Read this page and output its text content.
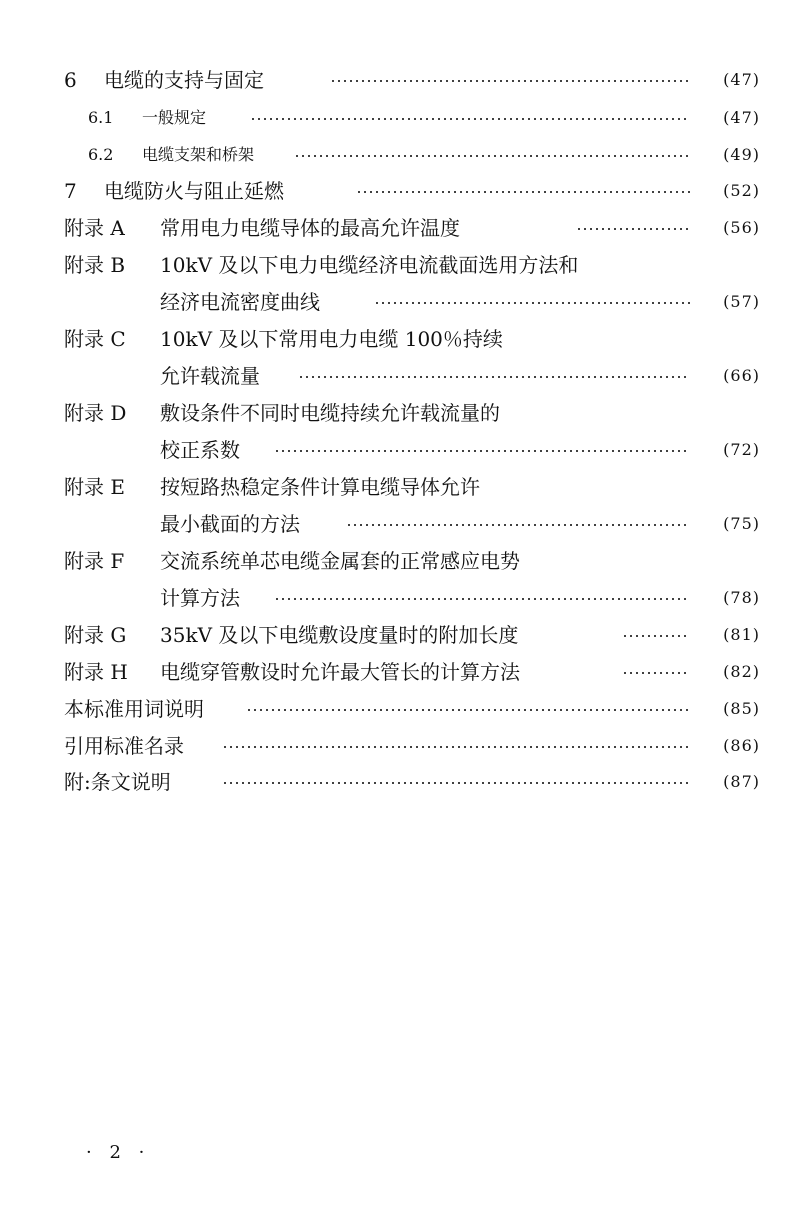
6 电缆的支持与固定	(47)
6.1 一般规定	(47)
6.2 电缆支架和桥架	(49)
7 电缆防火与阻止延燃	(52)
附录 A 常用电力电缆导体的最高允许温度	(56)
附录 B 10kV 及以下电力电缆经济电流截面选用方法和
经济电流密度曲线	(57)
附录 C 10kV 及以下常用电力电缆 100％持续
允许载流量	(66)
附录 D 敷设条件不同时电缆持续允许载流量的
校正系数	(72)
附录 E 按短路热稳定条件计算电缆导体允许
最小截面的方法	(75)
附录 F 交流系统单芯电缆金属套的正常感应电势
计算方法	(78)
附录 G 35kV 及以下电缆敷设度量时的附加长度	(81)
附录 H 电缆穿管敷设时允许最大管长的计算方法	(82)
本标准用词说明	(85)
引用标准名录	(86)
附:条文说明	(87)
· 2 ·
